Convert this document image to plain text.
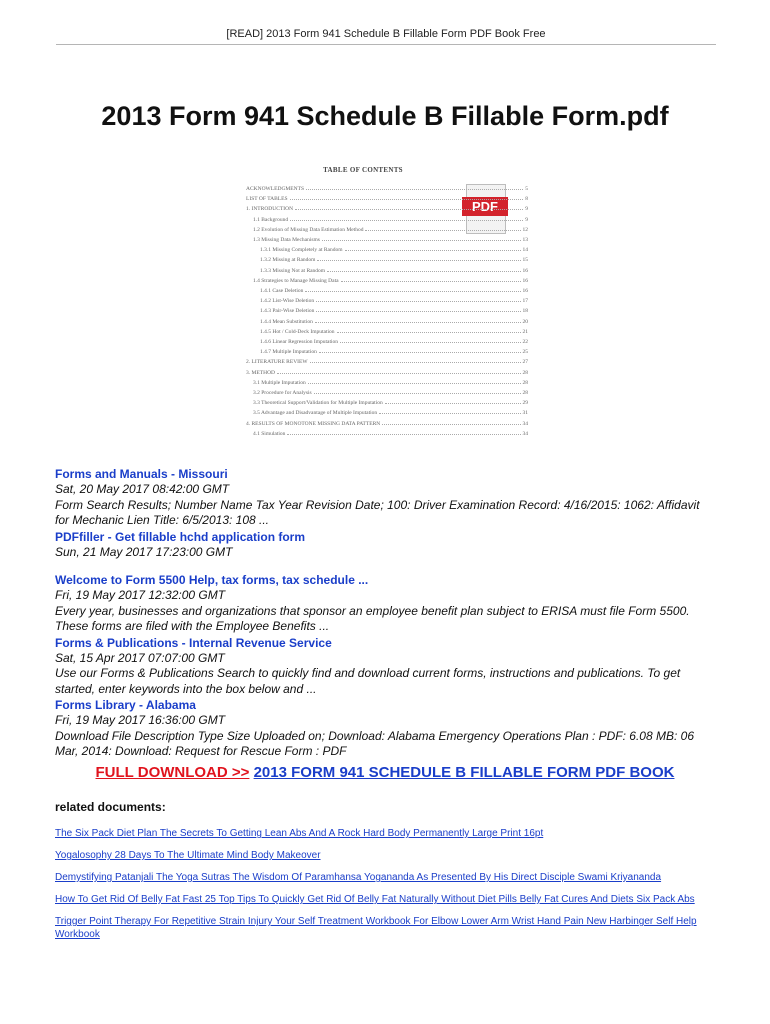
[READ] 2013 Form 941 Schedule B Fillable Form PDF Book Free
2013 Form 941 Schedule B Fillable Form.pdf
TABLE OF CONTENTS
PDF
ACKNOWLEDGMENTS	5
LIST OF TABLES	8
1. INTRODUCTION	9
1.1 Background	9
1.2 Evolution of Missing Data Estimation Method	12
1.3 Missing Data Mechanisms	13
1.3.1 Missing Completely at Random	14
1.3.2 Missing at Random	15
1.3.3 Missing Not at Random	16
1.4 Strategies to Manage Missing Data	16
1.4.1 Case Deletion	16
1.4.2 List-Wise Deletion	17
1.4.3 Pair-Wise Deletion	18
1.4.4 Mean Substitution	20
1.4.5 Hot / Cold-Deck Imputation	21
1.4.6 Linear Regression Imputation	22
1.4.7 Multiple Imputation	25
2. LITERATURE REVIEW	27
3. METHOD	28
3.1 Multiple Imputation	28
3.2 Procedure for Analysis	28
3.3 Theoretical Support/Validation for Multiple Imputation	29
3.5 Advantage and Disadvantage of Multiple Imputation	31
4. RESULTS OF MONOTONE MISSING DATA PATTERN	34
4.1 Simulation	34
Forms and Manuals - Missouri
Sat, 20 May 2017 08:42:00 GMT
Form Search Results; Number Name Tax Year Revision Date; 100: Driver Examination Record: 4/16/2015: 1062: Affidavit for Mechanic Lien Title: 6/5/2013: 108 ...
PDFfiller - Get fillable hchd application form
Sun, 21 May 2017 17:23:00 GMT
Welcome to Form 5500 Help, tax forms, tax schedule ...
Fri, 19 May 2017 12:32:00 GMT
Every year, businesses and organizations that sponsor an employee benefit plan subject to ERISA must file Form 5500. These forms are filed with the Employee Benefits ...
Forms & Publications - Internal Revenue Service
Sat, 15 Apr 2017 07:07:00 GMT
Use our Forms & Publications Search to quickly find and download current forms, instructions and publications. To get started, enter keywords into the box below and ...
Forms Library - Alabama
Fri, 19 May 2017 16:36:00 GMT
Download File Description Type Size Uploaded on; Download: Alabama Emergency Operations Plan : PDF: 6.08 MB: 06 Mar, 2014: Download: Request for Rescue Form : PDF
FULL DOWNLOAD >> 2013 FORM 941 SCHEDULE B FILLABLE FORM PDF BOOK
related documents:
The Six Pack Diet Plan The Secrets To Getting Lean Abs And A Rock Hard Body Permanently Large Print 16pt
Yogalosophy 28 Days To The Ultimate Mind Body Makeover
Demystifying Patanjali The Yoga Sutras The Wisdom Of Paramhansa Yogananda As Presented By His Direct Disciple Swami Kriyananda
How To Get Rid Of Belly Fat Fast 25 Top Tips To Quickly Get Rid Of Belly Fat Naturally Without Diet Pills Belly Fat Cures And Diets Six Pack Abs
Trigger Point Therapy For Repetitive Strain Injury Your Self Treatment Workbook For Elbow Lower Arm Wrist Hand Pain New Harbinger Self Help Workbook
